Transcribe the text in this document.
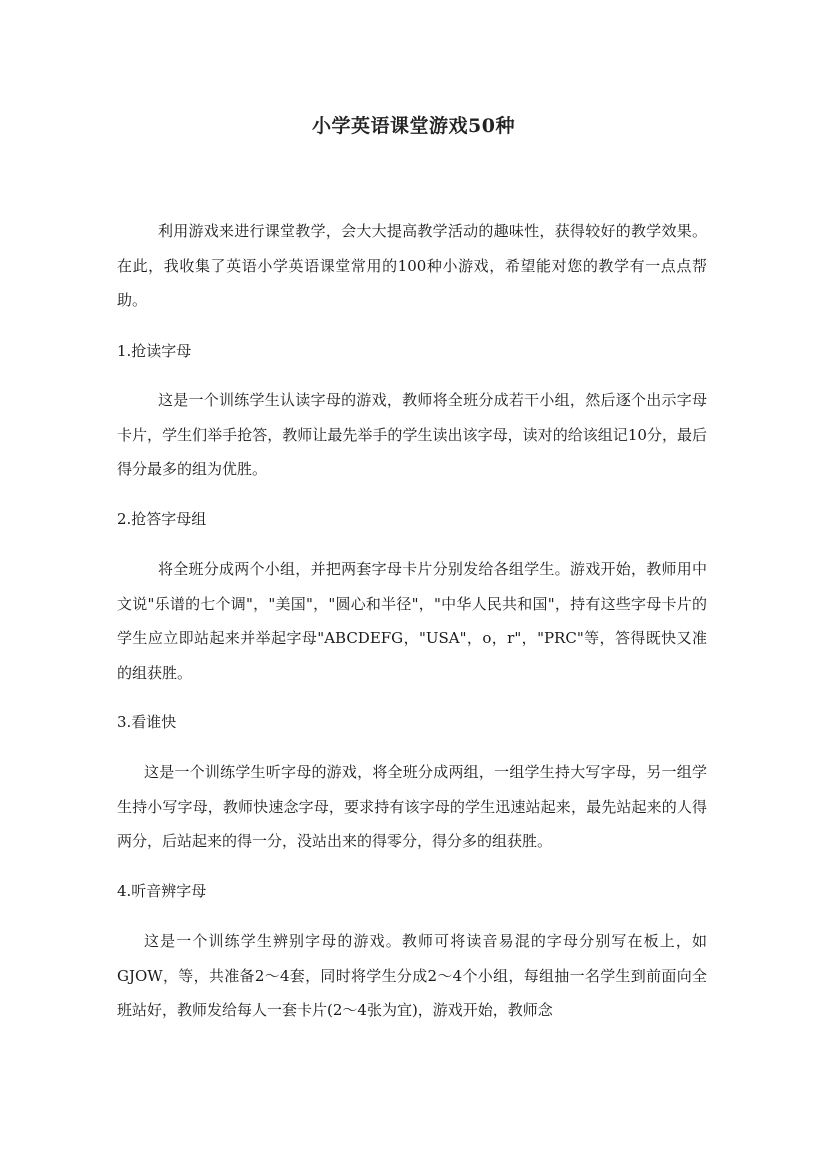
小学英语课堂游戏50种

利用游戏来进行课堂教学，会大大提高教学活动的趣味性，获得较好的教学效果。在此，我收集了英语小学英语课堂常用的100种小游戏，希望能对您的教学有一点点帮助。

1.抢读字母

这是一个训练学生认读字母的游戏，教师将全班分成若干小组，然后逐个出示字母卡片，学生们举手抢答，教师让最先举手的学生读出该字母，读对的给该组记10分，最后得分最多的组为优胜。

2.抢答字母组

将全班分成两个小组，并把两套字母卡片分别发给各组学生。游戏开始，教师用中文说"乐谱的七个调"，"美国"，"圆心和半径"，"中华人民共和国"，持有这些字母卡片的学生应立即站起来并举起字母"ABCDEFG，"USA"，o，r"，"PRC"等，答得既快又准的组获胜。

3.看谁快

这是一个训练学生听字母的游戏，将全班分成两组，一组学生持大写字母，另一组学生持小写字母，教师快速念字母，要求持有该字母的学生迅速站起来，最先站起来的人得两分，后站起来的得一分，没站出来的得零分，得分多的组获胜。

4.听音辨字母

这是一个训练学生辨别字母的游戏。教师可将读音易混的字母分别写在板上，如GJOW，等，共准备2～4套，同时将学生分成2～4个小组，每组抽一名学生到前面向全班站好，教师发给每人一套卡片(2～4张为宜)，游戏开始，教师念
